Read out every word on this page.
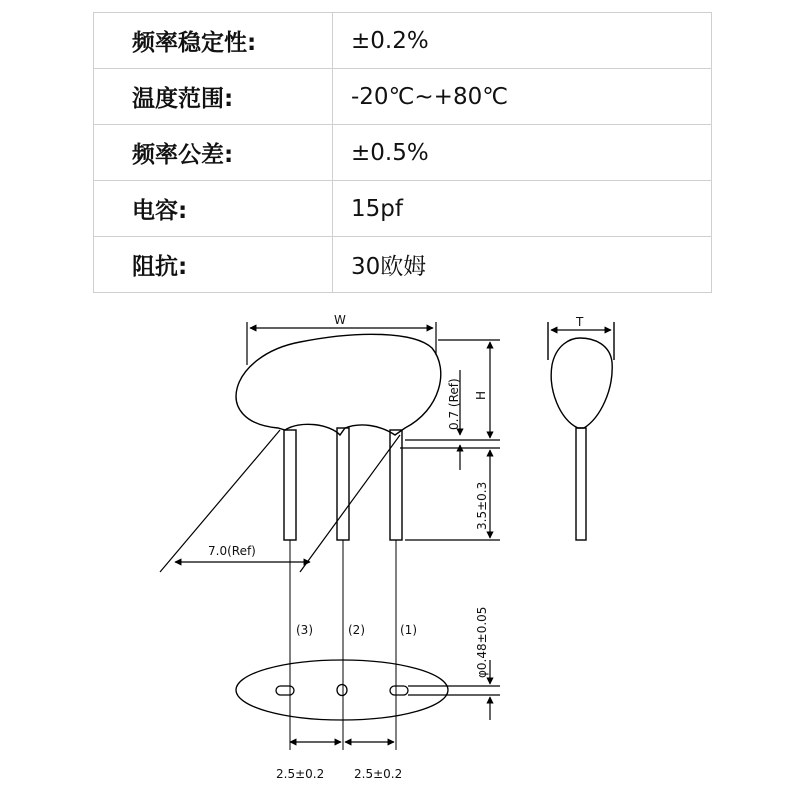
频率稳定性:	±0.2%
温度范围:	-20℃~+80℃
频率公差:	±0.5%
电容:	15pf
阻抗:	30欧姆
W
H
0.7 (Ref)
3.5±0.3
T
7.0(Ref)
(3)	(2)	(1)	φ0.48±0.05
2.5±0.2 2.5±0.2
